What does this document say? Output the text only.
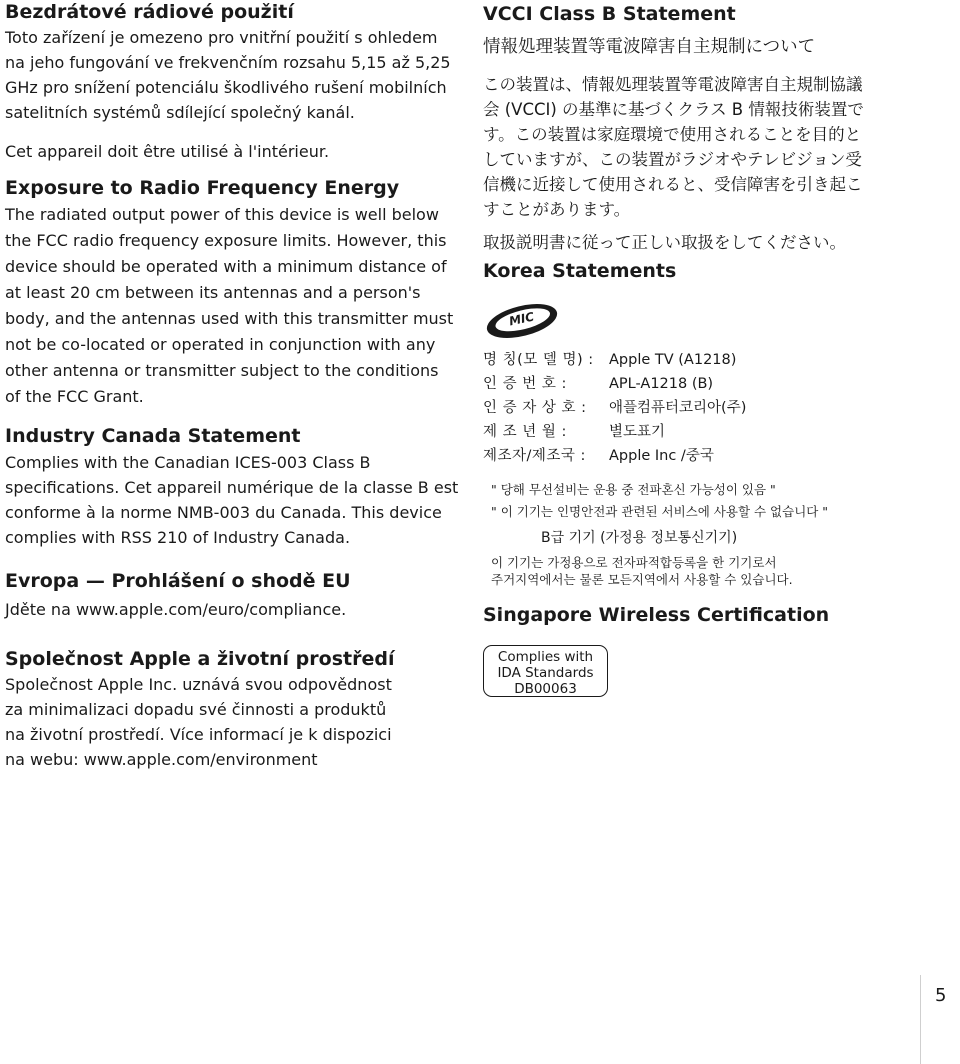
Bezdrátové rádiové použití

Toto zařízení je omezeno pro vnitřní použití s ohledem

na jeho fungování ve frekvenčním rozsahu 5,15 až 5,25

GHz pro snížení potenciálu škodlivého rušení mobilních

satelitních systémů sdílející společný kanál.

Cet appareil doit être utilisé à l'intérieur.

Exposure to Radio Frequency Energy

The radiated output power of this device is well below

the FCC radio frequency exposure limits. However, this

device should be operated with a minimum distance of

at least 20 cm between its antennas and a person's

body, and the antennas used with this transmitter must

not be co-located or operated in conjunction with any

other antenna or transmitter subject to the conditions

of the FCC Grant.

Industry Canada Statement

Complies with the Canadian ICES-003 Class B

specifications. Cet appareil numérique de la classe B est

conforme à la norme NMB-003 du Canada. This device

complies with RSS 210 of Industry Canada.

Evropa — Prohlášení o shodě EU

Jděte na www.apple.com/euro/compliance.

Společnost Apple a životní prostředí

Společnost Apple Inc. uznává svou odpovědnost

za minimalizaci dopadu své činnosti a produktů

na životní prostředí. Více informací je k dispozici

na webu: www.apple.com/environment

VCCI Class B Statement

情報処理装置等電波障害自主規制について

この装置は、情報処理装置等電波障害自主規制協議

会 (VCCI) の基準に基づくクラス B 情報技術装置で

す。この装置は家庭環境で使用されることを目的と

していますが、この装置がラジオやテレビジョン受

信機に近接して使用されると、受信障害を引き起こ

すことがあります。

取扱説明書に従って正しい取扱をしてください。

Korea Statements
MIC
명 칭(모 델 명) :	Apple TV (A1218)
인 증 번 호 :	APL-A1218 (B)
인 증 자 상 호 :	애플컴퓨터코리아(주)
제 조 년 월 :	별도표기
제조자/제조국 :	Apple Inc /중국

" 당해 무선설비는 운용 중 전파혼신 가능성이 있음 "

" 이 기기는 인명안전과 관련된 서비스에 사용할 수 없습니다 "

B급 기기 (가정용 정보통신기기)

이 기기는 가정용으로 전자파적합등록을 한 기기로서

주거지역에서는 물론 모든지역에서 사용할 수 있습니다.

Singapore Wireless Certification
Complies with
IDA Standards
DB00063
5
